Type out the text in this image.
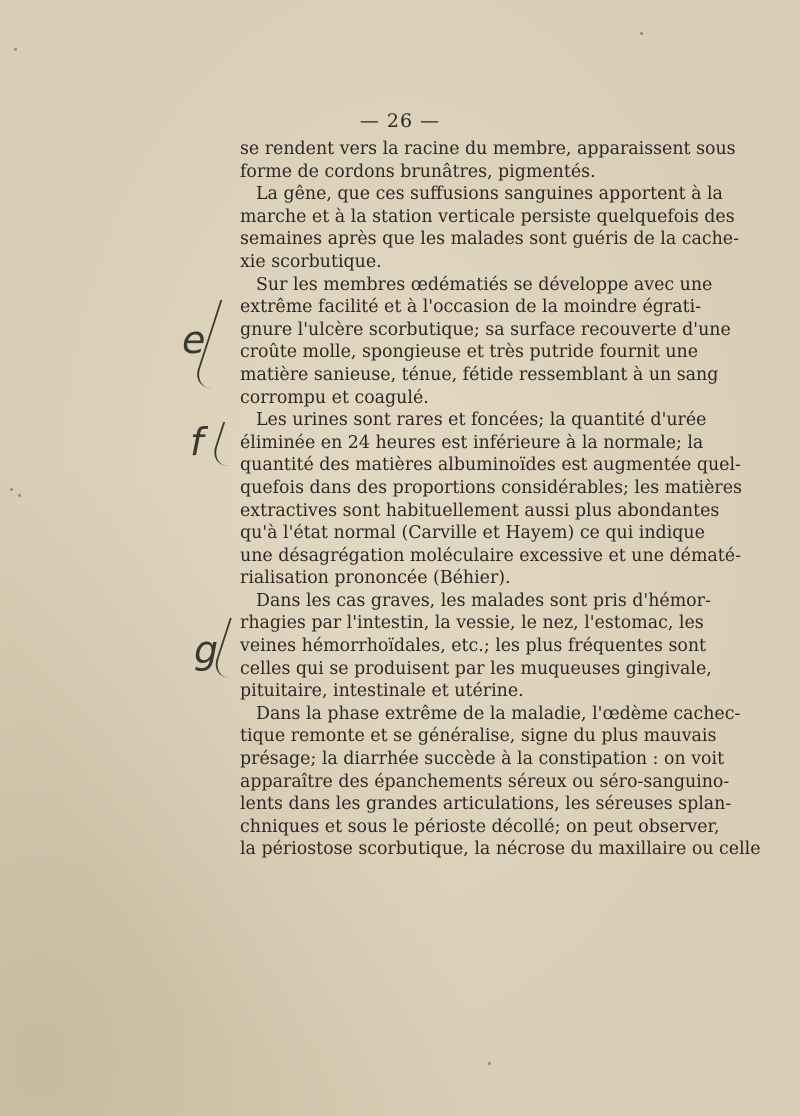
— 26 —
se rendent vers la racine du membre, apparaissent sous
forme de cordons brunâtres, pigmentés.
La gêne, que ces suffusions sanguines apportent à la
marche et à la station verticale persiste quelquefois des
semaines après que les malades sont guéris de la cache-
xie scorbutique.
Sur les membres œdématiés se développe avec une
extrême facilité et à l'occasion de la moindre égrati-
gnure l'ulcère scorbutique; sa surface recouverte d'une
croûte molle, spongieuse et très putride fournit une
matière sanieuse, ténue, fétide ressemblant à un sang
corrompu et coagulé.
Les urines sont rares et foncées; la quantité d'urée
éliminée en 24 heures est inférieure à la normale; la
quantité des matières albuminoïdes est augmentée quel-
quefois dans des proportions considérables; les matières
extractives sont habituellement aussi plus abondantes
qu'à l'état normal (Carville et Hayem) ce qui indique
une désagrégation moléculaire excessive et une dématé-
rialisation prononcée (Béhier).
Dans les cas graves, les malades sont pris d'hémor-
rhagies par l'intestin, la vessie, le nez, l'estomac, les
veines hémorrhoïdales, etc.; les plus fréquentes sont
celles qui se produisent par les muqueuses gingivale,
pituitaire, intestinale et utérine.
Dans la phase extrême de la maladie, l'œdème cachec-
tique remonte et se généralise, signe du plus mauvais
présage; la diarrhée succède à la constipation : on voit
apparaître des épanchements séreux ou séro-sanguino-
lents dans les grandes articulations, les séreuses splan-
chniques et sous le périoste décollé; on peut observer,
la périostose scorbutique, la nécrose du maxillaire ou celle
e
f
g
